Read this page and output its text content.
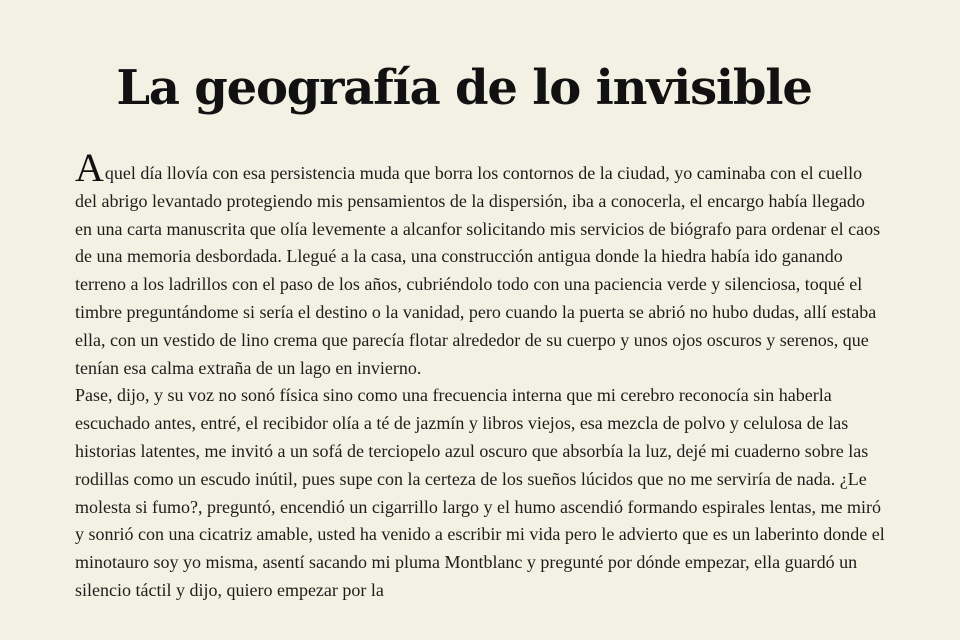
La geografía de lo invisible

Aquel día llovía con esa persistencia muda que borra los contornos de la ciudad, yo caminaba con el cuello del abrigo levantado protegiendo mis pensamientos de la dispersión, iba a conocerla, el encargo había llegado en una carta manuscrita que olía levemente a alcanfor solicitando mis servicios de biógrafo para ordenar el caos de una memoria desbordada. Llegué a la casa, una construcción antigua donde la hiedra había ido ganando terreno a los ladrillos con el paso de los años, cubriéndolo todo con una paciencia verde y silenciosa, toqué el timbre preguntándome si sería el destino o la vanidad, pero cuando la puerta se abrió no hubo dudas, allí estaba ella, con un vestido de lino crema que parecía flotar alrededor de su cuerpo y unos ojos oscuros y serenos, que tenían esa calma extraña de un lago en invierno.

Pase, dijo, y su voz no sonó física sino como una frecuencia interna que mi cerebro reconocía sin haberla escuchado antes, entré, el recibidor olía a té de jazmín y libros viejos, esa mezcla de polvo y celulosa de las historias latentes, me invitó a un sofá de terciopelo azul oscuro que absorbía la luz, dejé mi cuaderno sobre las rodillas como un escudo inútil, pues supe con la certeza de los sueños lúcidos que no me serviría de nada. ¿Le molesta si fumo?, preguntó, encendió un cigarrillo largo y el humo ascendió formando espirales lentas, me miró y sonrió con una cicatriz amable, usted ha venido a escribir mi vida pero le advierto que es un laberinto donde el minotauro soy yo misma, asentí sacando mi pluma Montblanc y pregunté por dónde empezar, ella guardó un silencio táctil y dijo, quiero empezar por la
